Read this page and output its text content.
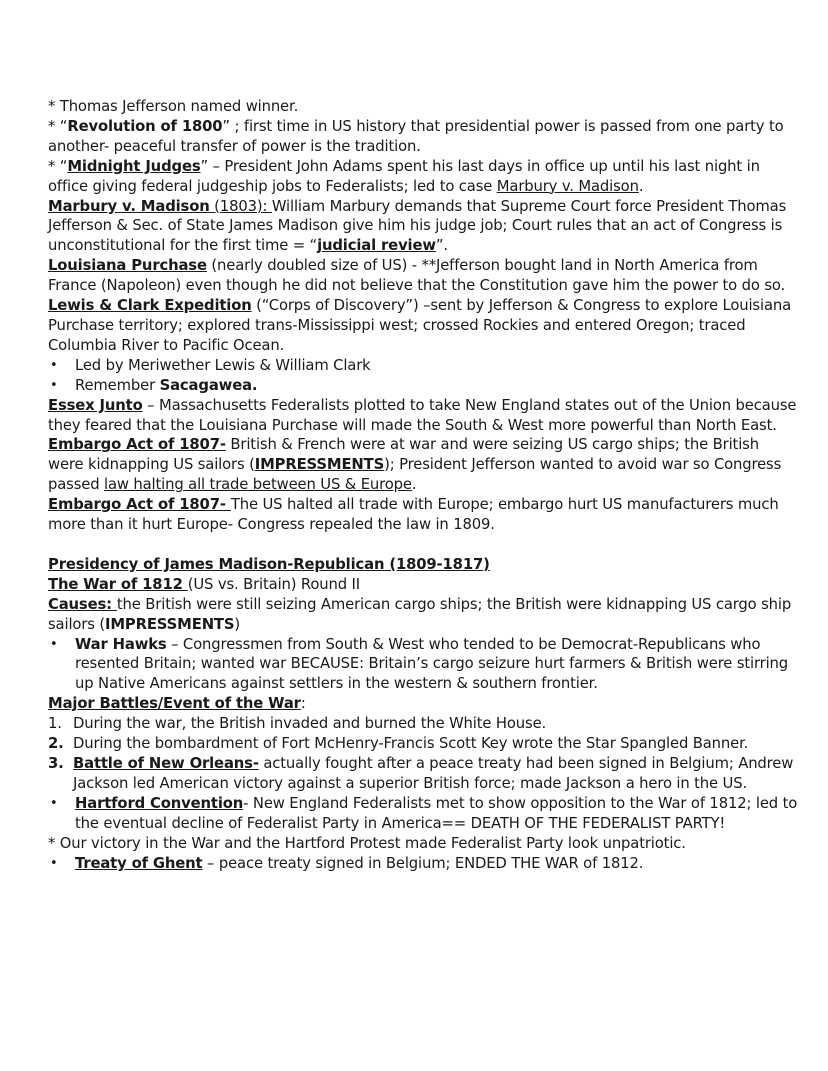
* Thomas Jefferson named winner.

* “Revolution of 1800” ; first time in US history that presidential power is passed from one party to another- peaceful transfer of power is the tradition.

* “Midnight Judges” – President John Adams spent his last days in office up until his last night in office giving federal judgeship jobs to Federalists; led to case Marbury v. Madison.

Marbury v. Madison (1803): William Marbury demands that Supreme Court force President Thomas Jefferson & Sec. of State James Madison give him his judge job; Court rules that an act of Congress is unconstitutional for the first time = “judicial review”.

Louisiana Purchase (nearly doubled size of US) - **Jefferson bought land in North America from France (Napoleon) even though he did not believe that the Constitution gave him the power to do so.

Lewis & Clark Expedition (“Corps of Discovery”) –sent by Jefferson & Congress to explore Louisiana Purchase territory; explored trans-Mississippi west; crossed Rockies and entered Oregon; traced Columbia River to Pacific Ocean.

•	Led by Meriwether Lewis & William Clark
•	Remember Sacagawea.

Essex Junto – Massachusetts Federalists plotted to take New England states out of the Union because they feared that the Louisiana Purchase will made the South & West more powerful than North East.

Embargo Act of 1807- British & French were at war and were seizing US cargo ships; the British were kidnapping US sailors (IMPRESSMENTS); President Jefferson wanted to avoid war so Congress passed law halting all trade between US & Europe.

Embargo Act of 1807- The US halted all trade with Europe; embargo hurt US manufacturers much more than it hurt Europe- Congress repealed the law in 1809.

Presidency of James Madison-Republican (1809-1817)

The War of 1812 (US vs. Britain) Round II

Causes: the British were still seizing American cargo ships; the British were kidnapping US cargo ship sailors (IMPRESSMENTS)

•	War Hawks – Congressmen from South & West who tended to be Democrat-Republicans who resented Britain; wanted war BECAUSE: Britain’s cargo seizure hurt farmers & British were stirring up Native Americans against settlers in the western & southern frontier.

Major Battles/Event of the War:

1. During the war, the British invaded and burned the White House.
2. During the bombardment of Fort McHenry-Francis Scott Key wrote the Star Spangled Banner.
3. Battle of New Orleans- actually fought after a peace treaty had been signed in Belgium; Andrew Jackson led American victory against a superior British force; made Jackson a hero in the US.
•	Hartford Convention- New England Federalists met to show opposition to the War of 1812; led to the eventual decline of Federalist Party in America== DEATH OF THE FEDERALIST PARTY!

* Our victory in the War and the Hartford Protest made Federalist Party look unpatriotic.

•	Treaty of Ghent – peace treaty signed in Belgium; ENDED THE WAR of 1812.
